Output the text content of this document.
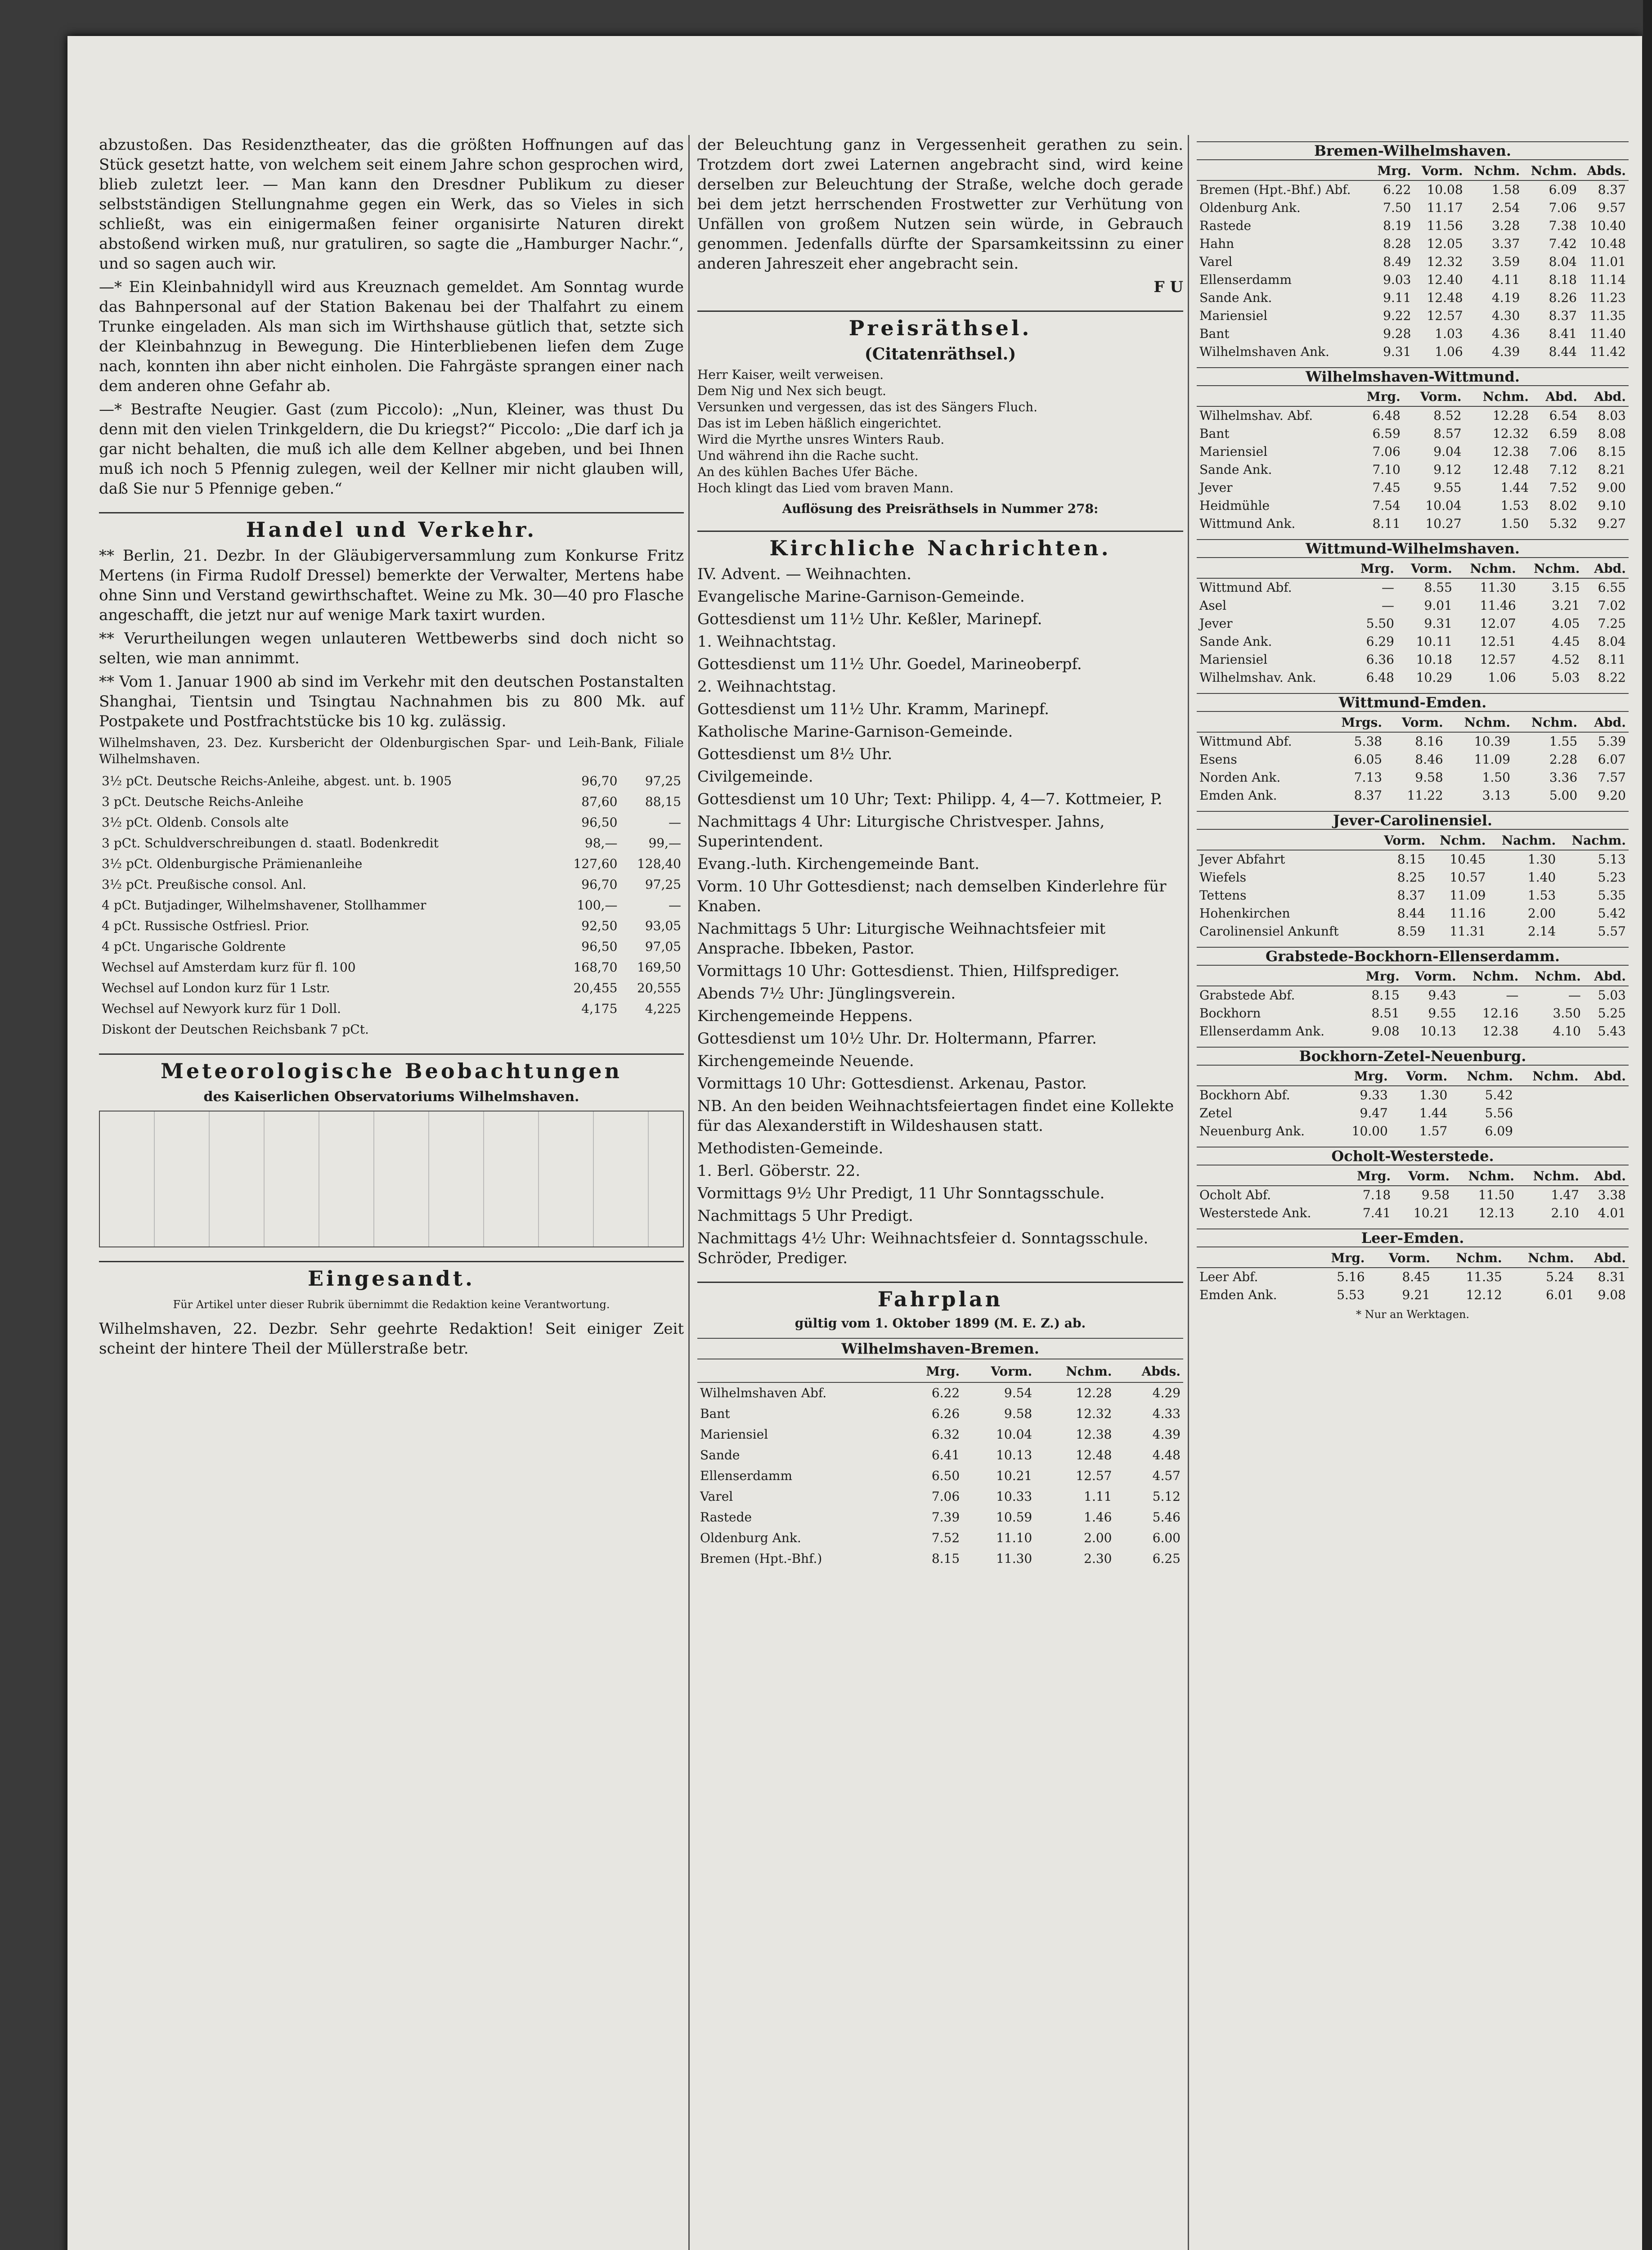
abzustoßen. Das Residenztheater, das die größten Hoffnungen auf das Stück gesetzt hatte, von welchem seit einem Jahre schon gesprochen wird, blieb zuletzt leer. — Man kann den Dresdner Publikum zu dieser selbstständigen Stellungnahme gegen ein Werk, das so Vieles in sich schließt, was ein einigermaßen feiner organisirte Naturen direkt abstoßend wirken muß, nur gratuliren, so sagte die „Hamburger Nachr.“, und so sagen auch wir.

—* Ein Kleinbahnidyll wird aus Kreuznach gemeldet. Am Sonntag wurde das Bahnpersonal auf der Station Bakenau bei der Thalfahrt zu einem Trunke eingeladen. Als man sich im Wirthshause gütlich that, setzte sich der Kleinbahnzug in Bewegung. Die Hinterbliebenen liefen dem Zuge nach, konnten ihn aber nicht einholen. Die Fahrgäste sprangen einer nach dem anderen ohne Gefahr ab.

—* Bestrafte Neugier. Gast (zum Piccolo): „Nun, Kleiner, was thust Du denn mit den vielen Trinkgeldern, die Du kriegst?“ Piccolo: „Die darf ich ja gar nicht behalten, die muß ich alle dem Kellner abgeben, und bei Ihnen muß ich noch 5 Pfennig zulegen, weil der Kellner mir nicht glauben will, daß Sie nur 5 Pfennige geben.“

Handel und Verkehr.

** Berlin, 21. Dezbr. In der Gläubigerversammlung zum Konkurse Fritz Mertens (in Firma Rudolf Dressel) bemerkte der Verwalter, Mertens habe ohne Sinn und Verstand gewirthschaftet. Weine zu Mk. 30—40 pro Flasche angeschafft, die jetzt nur auf wenige Mark taxirt wurden.

** Verurtheilungen wegen unlauteren Wettbewerbs sind doch nicht so selten, wie man annimmt.

** Vom 1. Januar 1900 ab sind im Verkehr mit den deutschen Postanstalten Shanghai, Tientsin und Tsingtau Nachnahmen bis zu 800 Mk. auf Postpakete und Postfrachtstücke bis 10 kg. zulässig.

Wilhelmshaven, 23. Dez. Kursbericht der Oldenburgischen Spar- und Leih-Bank, Filiale Wilhelmshaven.

3½ pCt. Deutsche Reichs-Anleihe, abgest. unt. b. 1905	96,70	97,25
3 pCt. Deutsche Reichs-Anleihe	87,60	88,15
3½ pCt. Oldenb. Consols alte	96,50	—
3 pCt. Schuldverschreibungen d. staatl. Bodenkredit	98,—	99,—
3½ pCt. Oldenburgische Prämienanleihe	127,60	128,40
3½ pCt. Preußische consol. Anl.	96,70	97,25
4 pCt. Butjadinger, Wilhelmshavener, Stollhammer	100,—	—
4 pCt. Russische Ostfriesl. Prior.	92,50	93,05
4 pCt. Ungarische Goldrente	96,50	97,05
Wechsel auf Amsterdam kurz für fl. 100	168,70	169,50
Wechsel auf London kurz für 1 Lstr.	20,455	20,555
Wechsel auf Newyork kurz für 1 Doll.	4,175	4,225
Diskont der Deutschen Reichsbank 7 pCt.		
Meteorologische Beobachtungen
des Kaiserlichen Observatoriums Wilhelmshaven.
Eingesandt.
Für Artikel unter dieser Rubrik übernimmt die Redaktion keine Verantwortung.

Wilhelmshaven, 22. Dezbr. Sehr geehrte Redaktion! Seit einiger Zeit scheint der hintere Theil der Müllerstraße betr.

der Beleuchtung ganz in Vergessenheit gerathen zu sein. Trotzdem dort zwei Laternen angebracht sind, wird keine derselben zur Beleuchtung der Straße, welche doch gerade bei dem jetzt herrschenden Frostwetter zur Verhütung von Unfällen von großem Nutzen sein würde, in Gebrauch genommen. Jedenfalls dürfte der Sparsamkeitssinn zu einer anderen Jahreszeit eher angebracht sein.

F U
Preisräthsel.
(Citatenräthsel.)
Herr Kaiser, weilt verweisen.
Dem Nig und Nex sich beugt.
Versunken und vergessen, das ist des Sängers Fluch.
Das ist im Leben häßlich eingerichtet.
Wird die Myrthe unsres Winters Raub.
Und während ihn die Rache sucht.
An des kühlen Baches Ufer Bäche.
Hoch klingt das Lied vom braven Mann.
Auflösung des Preisräthsels in Nummer 278:
Kirchliche Nachrichten.
IV. Advent. — Weihnachten.
Evangelische Marine-Garnison-Gemeinde.
Gottesdienst um 11½ Uhr. Keßler, Marinepf.
1. Weihnachtstag.
Gottesdienst um 11½ Uhr. Goedel, Marineoberpf.
2. Weihnachtstag.
Gottesdienst um 11½ Uhr. Kramm, Marinepf.
Katholische Marine-Garnison-Gemeinde.
Gottesdienst um 8½ Uhr.
Civilgemeinde.
Gottesdienst um 10 Uhr; Text: Philipp. 4, 4—7. Kottmeier, P.
Nachmittags 4 Uhr: Liturgische Christvesper. Jahns, Superintendent.
Evang.-luth. Kirchengemeinde Bant.
Vorm. 10 Uhr Gottesdienst; nach demselben Kinderlehre für Knaben.
Nachmittags 5 Uhr: Liturgische Weihnachtsfeier mit Ansprache. Ibbeken, Pastor.
Vormittags 10 Uhr: Gottesdienst. Thien, Hilfsprediger.
Abends 7½ Uhr: Jünglingsverein.
Kirchengemeinde Heppens.
Gottesdienst um 10½ Uhr. Dr. Holtermann, Pfarrer.
Kirchengemeinde Neuende.
Vormittags 10 Uhr: Gottesdienst. Arkenau, Pastor.
NB. An den beiden Weihnachtsfeiertagen findet eine Kollekte für das Alexanderstift in Wildeshausen statt.
Methodisten-Gemeinde.
1. Berl. Göberstr. 22.
Vormittags 9½ Uhr Predigt, 11 Uhr Sonntagsschule.
Nachmittags 5 Uhr Predigt.
Nachmittags 4½ Uhr: Weihnachtsfeier d. Sonntagsschule. Schröder, Prediger.
Fahrplan
gültig vom 1. Oktober 1899 (M. E. Z.) ab.
Wilhelmshaven-Bremen.
	Mrg.	Vorm.	Nchm.	Abds.
Wilhelmshaven Abf.	6.22	9.54	12.28	4.29
Bant	6.26	9.58	12.32	4.33
Mariensiel	6.32	10.04	12.38	4.39
Sande	6.41	10.13	12.48	4.48
Ellenserdamm	6.50	10.21	12.57	4.57
Varel	7.06	10.33	1.11	5.12
Rastede	7.39	10.59	1.46	5.46
Oldenburg Ank.	7.52	11.10	2.00	6.00
Bremen (Hpt.-Bhf.)	8.15	11.30	2.30	6.25
Bremen-Wilhelmshaven.
	Mrg.	Vorm.	Nchm.	Nchm.	Abds.
Bremen (Hpt.-Bhf.) Abf.	6.22	10.08	1.58	6.09	8.37
Oldenburg Ank.	7.50	11.17	2.54	7.06	9.57
Rastede	8.19	11.56	3.28	7.38	10.40
Hahn	8.28	12.05	3.37	7.42	10.48
Varel	8.49	12.32	3.59	8.04	11.01
Ellenserdamm	9.03	12.40	4.11	8.18	11.14
Sande Ank.	9.11	12.48	4.19	8.26	11.23
Mariensiel	9.22	12.57	4.30	8.37	11.35
Bant	9.28	1.03	4.36	8.41	11.40
Wilhelmshaven Ank.	9.31	1.06	4.39	8.44	11.42
Wilhelmshaven-Wittmund.
	Mrg.	Vorm.	Nchm.	Abd.	Abd.
Wilhelmshav. Abf.	6.48	8.52	12.28	6.54	8.03
Bant	6.59	8.57	12.32	6.59	8.08
Mariensiel	7.06	9.04	12.38	7.06	8.15
Sande Ank.	7.10	9.12	12.48	7.12	8.21
Jever	7.45	9.55	1.44	7.52	9.00
Heidmühle	7.54	10.04	1.53	8.02	9.10
Wittmund Ank.	8.11	10.27	1.50	5.32	9.27
Wittmund-Wilhelmshaven.
	Mrg.	Vorm.	Nchm.	Nchm.	Abd.
Wittmund Abf.	—	8.55	11.30	3.15	6.55
Asel	—	9.01	11.46	3.21	7.02
Jever	5.50	9.31	12.07	4.05	7.25
Sande Ank.	6.29	10.11	12.51	4.45	8.04
Mariensiel	6.36	10.18	12.57	4.52	8.11
Wilhelmshav. Ank.	6.48	10.29	1.06	5.03	8.22
Wittmund-Emden.
	Mrgs.	Vorm.	Nchm.	Nchm.	Abd.
Wittmund Abf.	5.38	8.16	10.39	1.55	5.39
Esens	6.05	8.46	11.09	2.28	6.07
Norden Ank.	7.13	9.58	1.50	3.36	7.57
Emden Ank.	8.37	11.22	3.13	5.00	9.20
Jever-Carolinensiel.
		Vorm.	Nchm.	Nachm.	Nachm.
Jever Abfahrt		8.15	10.45	1.30	5.13
Wiefels		8.25	10.57	1.40	5.23
Tettens		8.37	11.09	1.53	5.35
Hohenkirchen		8.44	11.16	2.00	5.42
Carolinensiel Ankunft		8.59	11.31	2.14	5.57
Grabstede-Bockhorn-Ellenserdamm.
	Mrg.	Vorm.	Nchm.	Nchm.	Abd.
Grabstede Abf.	8.15	9.43	—	—	5.03
Bockhorn	8.51	9.55	12.16	3.50	5.25
Ellenserdamm Ank.	9.08	10.13	12.38	4.10	5.43
Bockhorn-Zetel-Neuenburg.
	Mrg.	Vorm.	Nchm.	Nchm.	Abd.
Bockhorn Abf.	9.33	1.30	5.42		
Zetel	9.47	1.44	5.56		
Neuenburg Ank.	10.00	1.57	6.09		
Ocholt-Westerstede.
	Mrg.	Vorm.	Nchm.	Nchm.	Abd.
Ocholt Abf.	7.18	9.58	11.50	1.47	3.38
Westerstede Ank.	7.41	10.21	12.13	2.10	4.01
Leer-Emden.
	Mrg.	Vorm.	Nchm.	Nchm.	Abd.
Leer Abf.	5.16	8.45	11.35	5.24	8.31
Emden Ank.	5.53	9.21	12.12	6.01	9.08
* Nur an Werktagen.
